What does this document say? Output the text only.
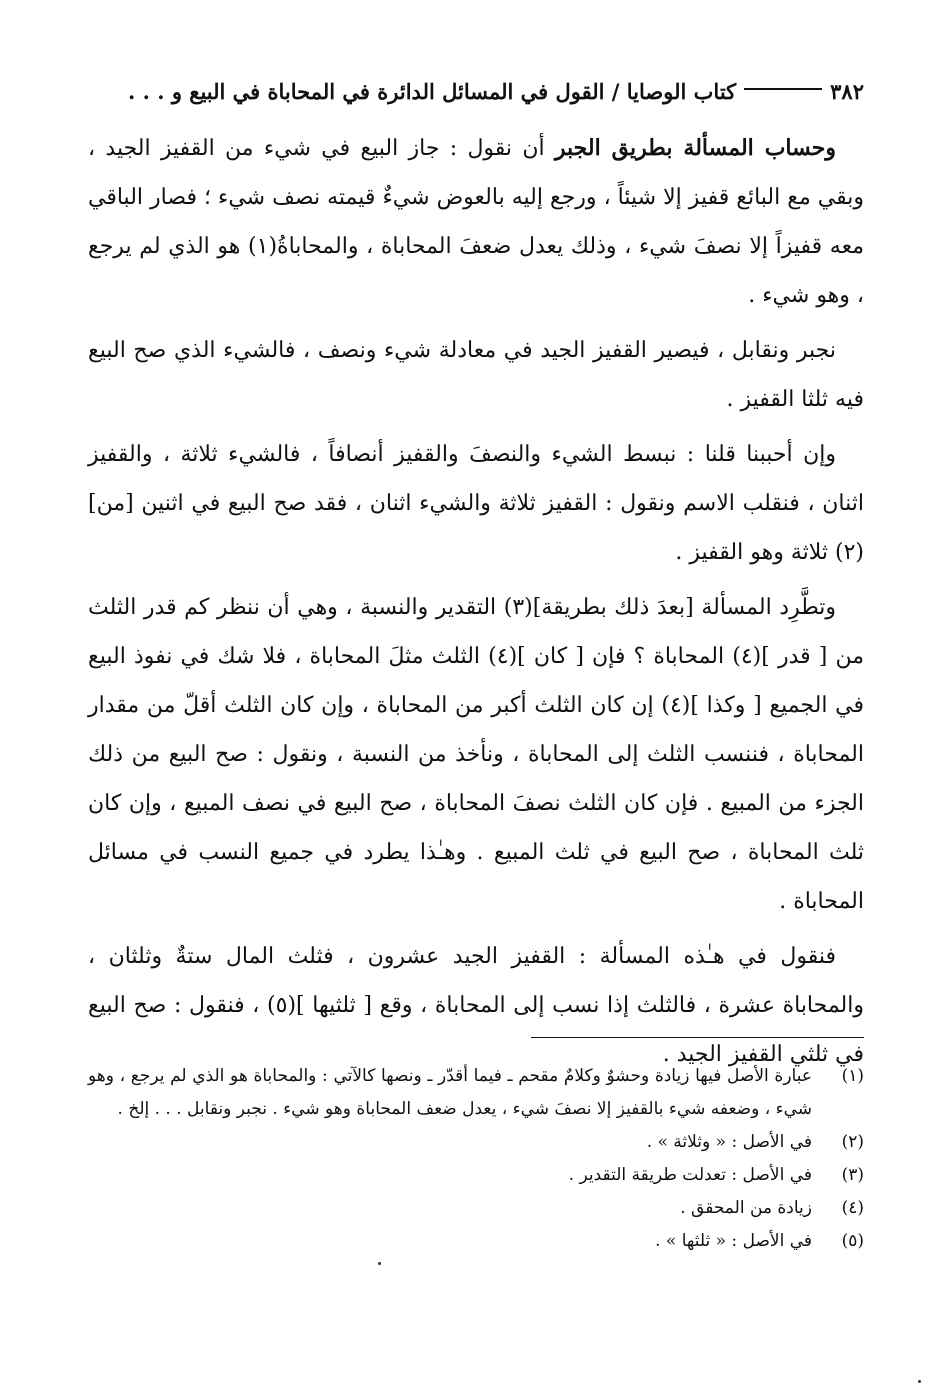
٣٨٢
كتاب الوصايا / القول في المسائل الدائرة في المحاباة في البيع و . . .

وحساب المسألة بطريق الجبر أن نقول : جاز البيع في شيء من القفيز الجيد ، وبقي مع البائع قفيز إلا شيئاً ، ورجع إليه بالعوض شيءٌ قيمته نصف شيء ؛ فصار الباقي معه قفيزاً إلا نصفَ شيء ، وذلك يعدل ضعفَ المحاباة ، والمحاباةُ(١) هو الذي لم يرجع ، وهو شيء .

نجبر ونقابل ، فيصير القفيز الجيد في معادلة شيء ونصف ، فالشيء الذي صح البيع فيه ثلثا القفيز .

وإن أحببنا قلنا : نبسط الشيء والنصفَ والقفيز أنصافاً ، فالشيء ثلاثة ، والقفيز اثنان ، فنقلب الاسم ونقول : القفيز ثلاثة والشيء اثنان ، فقد صح البيع في اثنين [من](٢) ثلاثة وهو القفيز .

وتطَّرِد المسألة [بعدَ ذلك بطريقة](٣) التقدير والنسبة ، وهي أن ننظر كم قدر الثلث من [ قدر ](٤) المحاباة ؟ فإن [ كان ](٤) الثلث مثلَ المحاباة ، فلا شك في نفوذ البيع في الجميع [ وكذا ](٤) إن كان الثلث أكبر من المحاباة ، وإن كان الثلث أقلّ من مقدار المحاباة ، فننسب الثلث إلى المحاباة ، ونأخذ من النسبة ، ونقول : صح البيع من ذلك الجزء من المبيع . فإن كان الثلث نصفَ المحاباة ، صح البيع في نصف المبيع ، وإن كان ثلث المحاباة ، صح البيع في ثلث المبيع . وهـٰذا يطرد في جميع النسب في مسائل المحاباة .

فنقول في هـٰذه المسألة : القفيز الجيد عشرون ، فثلث المال ستةٌ وثلثان ، والمحاباة عشرة ، فالثلث إذا نسب إلى المحاباة ، وقع [ ثلثيها ](٥) ، فنقول : صح البيع في ثلثي القفيز الجيد .

(١)
عبارة الأصل فيها زيادة وحشوٌ وكلامٌ مقحم ـ فيما أقدّر ـ ونصها كالآتي : والمحاباة هو الذي لم يرجع ، وهو شيء ، وضعفه شيء بالقفيز إلا نصفَ شيء ، يعدل ضعف المحاباة وهو شيء . نجبر ونقابل . . . إلخ .
(٢)
في الأصل : « وثلاثة » .
(٣)
في الأصل : تعدلت طريقة التقدير .
(٤)
زيادة من المحقق .
(٥)
في الأصل : « ثلثها » .
